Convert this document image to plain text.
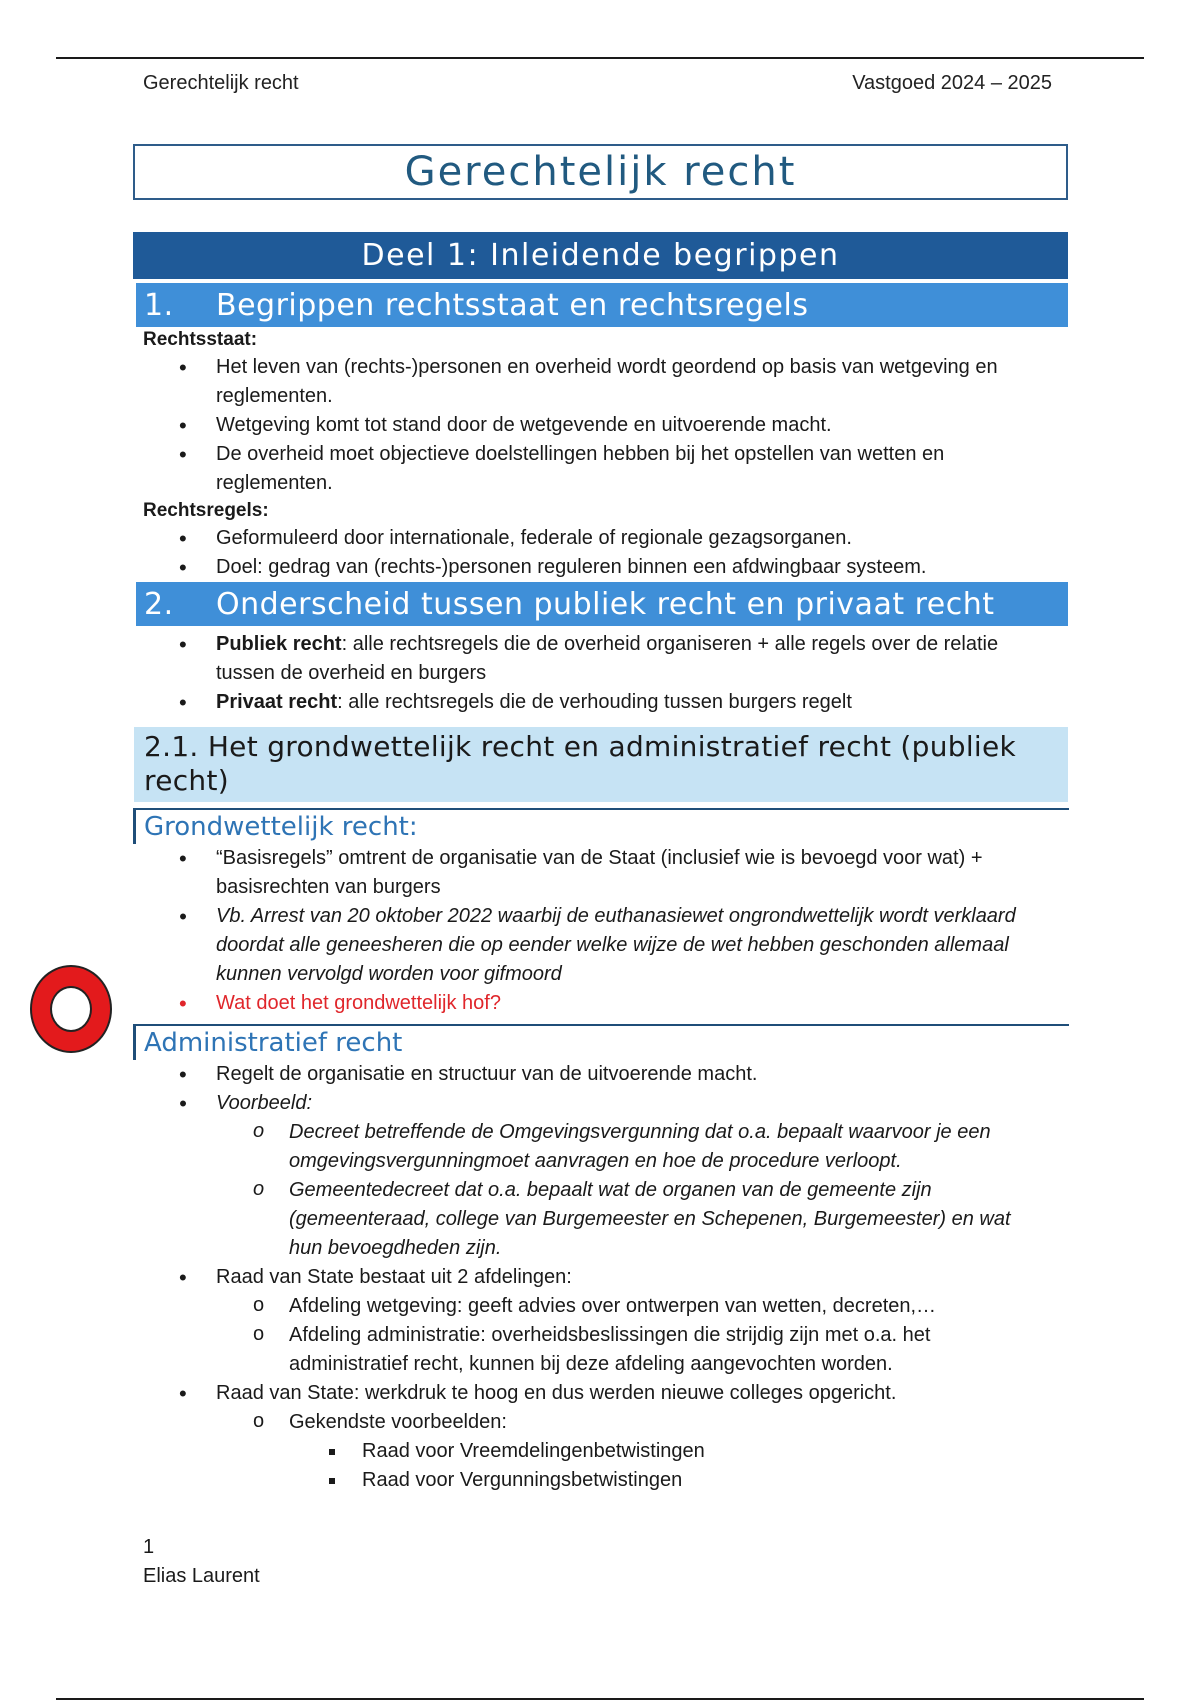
Gerechtelijk recht	Vastgoed 2024 – 2025
Gerechtelijk recht
Deel 1: Inleidende begrippen
1.	Begrippen rechtsstaat en rechtsregels
Rechtsstaat:
• Het leven van (rechts-)personen en overheid wordt geordend op basis van wetgeving en reglementen.
• Wetgeving komt tot stand door de wetgevende en uitvoerende macht.
• De overheid moet objectieve doelstellingen hebben bij het opstellen van wetten en reglementen.
Rechtsregels:
• Geformuleerd door internationale, federale of regionale gezagsorganen.
• Doel: gedrag van (rechts-)personen reguleren binnen een afdwingbaar systeem.
2.	Onderscheid tussen publiek recht en privaat recht
• Publiek recht: alle rechtsregels die de overheid organiseren + alle regels over de relatie tussen de overheid en burgers
• Privaat recht: alle rechtsregels die de verhouding tussen burgers regelt
2.1. Het grondwettelijk recht en administratief recht (publiek recht)
Grondwettelijk recht:
• “Basisregels” omtrent de organisatie van de Staat (inclusief wie is bevoegd voor wat) + basisrechten van burgers
• Vb. Arrest van 20 oktober 2022 waarbij de euthanasiewet ongrondwettelijk wordt verklaard doordat alle geneesheren die op eender welke wijze de wet hebben geschonden allemaal kunnen vervolgd worden voor gifmoord
• Wat doet het grondwettelijk hof?
Administratief recht
• Regelt de organisatie en structuur van de uitvoerende macht.
• Voorbeeld:
o Decreet betreffende de Omgevingsvergunning dat o.a. bepaalt waarvoor je een omgevingsvergunningmoet aanvragen en hoe de procedure verloopt.
o Gemeentedecreet dat o.a. bepaalt wat de organen van de gemeente zijn (gemeenteraad, college van Burgemeester en Schepenen, Burgemeester) en wat hun bevoegdheden zijn.
• Raad van State bestaat uit 2 afdelingen:
o Afdeling wetgeving: geeft advies over ontwerpen van wetten, decreten,…
o Afdeling administratie: overheidsbeslissingen die strijdig zijn met o.a. het administratief recht, kunnen bij deze afdeling aangevochten worden.
• Raad van State: werkdruk te hoog en dus werden nieuwe colleges opgericht.
o Gekendste voorbeelden:
Raad voor Vreemdelingenbetwistingen
Raad voor Vergunningsbetwistingen
1
Elias Laurent
